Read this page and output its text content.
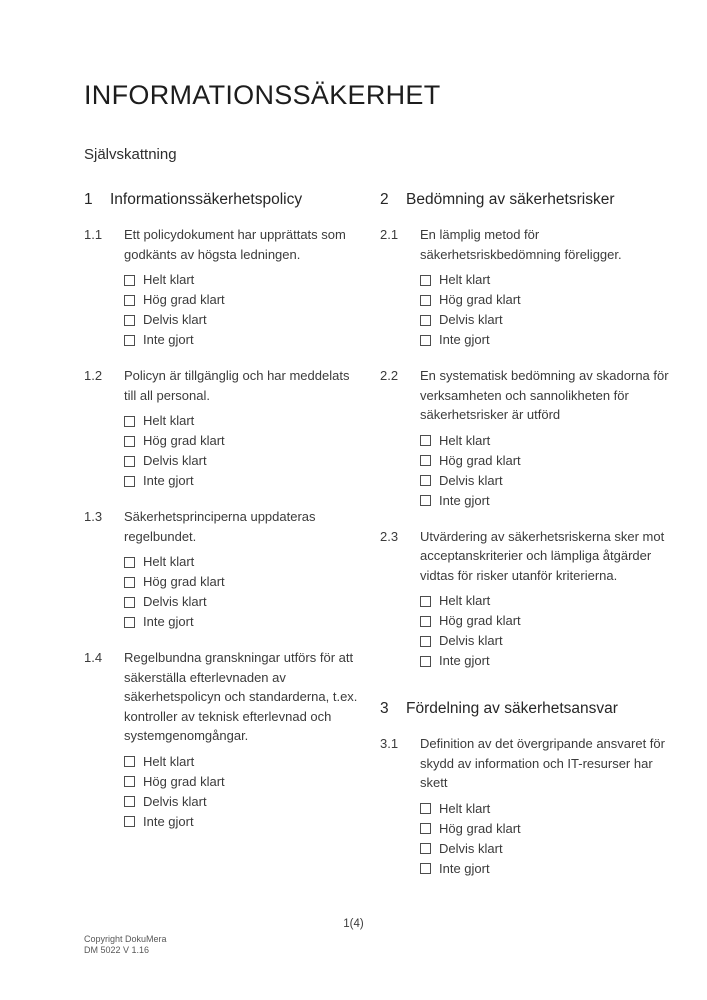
INFORMATIONSSÄKERHET
Självskattning
1	Informationssäkerhetspolicy
1.1	Ett policydokument har upprättats som godkänts av högsta ledningen.
Helt klart
Hög grad klart
Delvis klart
Inte gjort
1.2	Policyn är tillgänglig och har meddelats till all personal.
Helt klart
Hög grad klart
Delvis klart
Inte gjort
1.3	Säkerhetsprinciperna uppdateras regelbundet.
Helt klart
Hög grad klart
Delvis klart
Inte gjort
1.4	Regelbundna granskningar utförs för att säkerställa efterlevnaden av säkerhetspolicyn och standarderna, t.ex. kontroller av teknisk efterlevnad och systemgenomgångar.
Helt klart
Hög grad klart
Delvis klart
Inte gjort
2	Bedömning av säkerhetsrisker
2.1	En lämplig metod för säkerhetsriskbedömning föreligger.
Helt klart
Hög grad klart
Delvis klart
Inte gjort
2.2	En systematisk bedömning av skadorna för verksamheten och sannolikheten för säkerhetsrisker är utförd
Helt klart
Hög grad klart
Delvis klart
Inte gjort
2.3	Utvärdering av säkerhetsriskerna sker mot acceptanskriterier och lämpliga åtgärder vidtas för risker utanför kriterierna.
Helt klart
Hög grad klart
Delvis klart
Inte gjort
3	Fördelning av säkerhetsansvar
3.1	Definition av det övergripande ansvaret för skydd av information och IT-resurser har skett
Helt klart
Hög grad klart
Delvis klart
Inte gjort
1(4)
Copyright DokuMera
DM 5022 V 1.16
